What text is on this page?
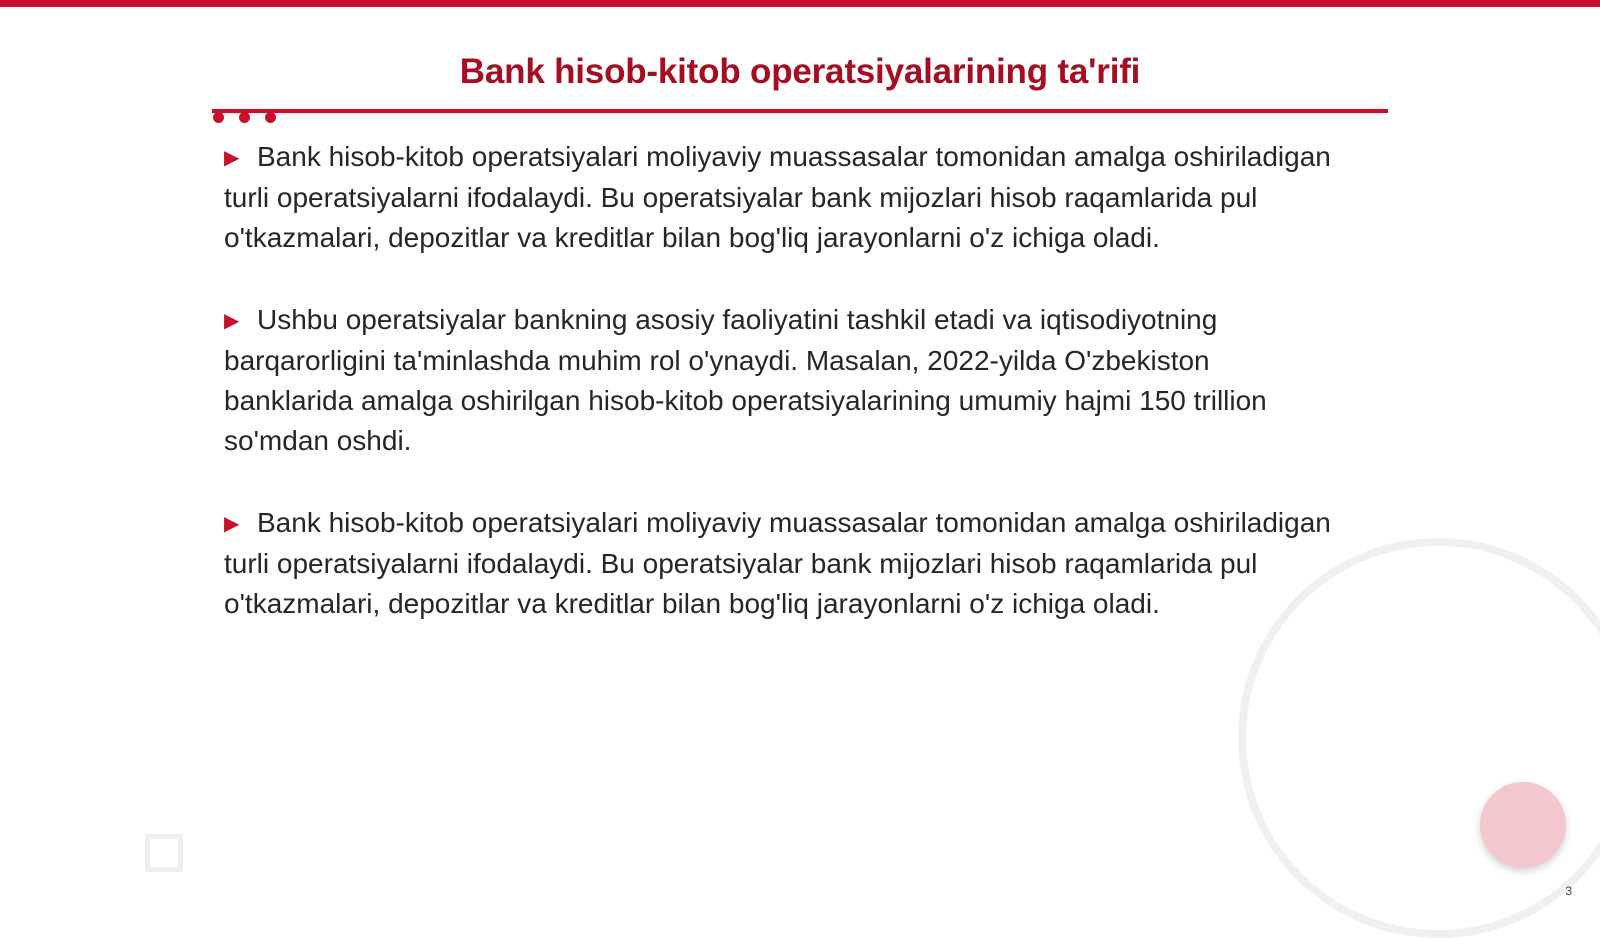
Bank hisob-kitob operatsiyalarining ta'rifi

▶ Bank hisob-kitob operatsiyalari moliyaviy muassasalar tomonidan amalga oshiriladigan turli operatsiyalarni ifodalaydi. Bu operatsiyalar bank mijozlari hisob raqamlarida pul o'tkazmalari, depozitlar va kreditlar bilan bog'liq jarayonlarni o'z ichiga oladi.

▶ Ushbu operatsiyalar bankning asosiy faoliyatini tashkil etadi va iqtisodiyotning barqarorligini ta'minlashda muhim rol o'ynaydi. Masalan, 2022-yilda O'zbekiston banklarida amalga oshirilgan hisob-kitob operatsiyalarining umumiy hajmi 150 trillion so'mdan oshdi.

▶ Bank hisob-kitob operatsiyalari moliyaviy muassasalar tomonidan amalga oshiriladigan turli operatsiyalarni ifodalaydi. Bu operatsiyalar bank mijozlari hisob raqamlarida pul o'tkazmalari, depozitlar va kreditlar bilan bog'liq jarayonlarni o'z ichiga oladi.

3
